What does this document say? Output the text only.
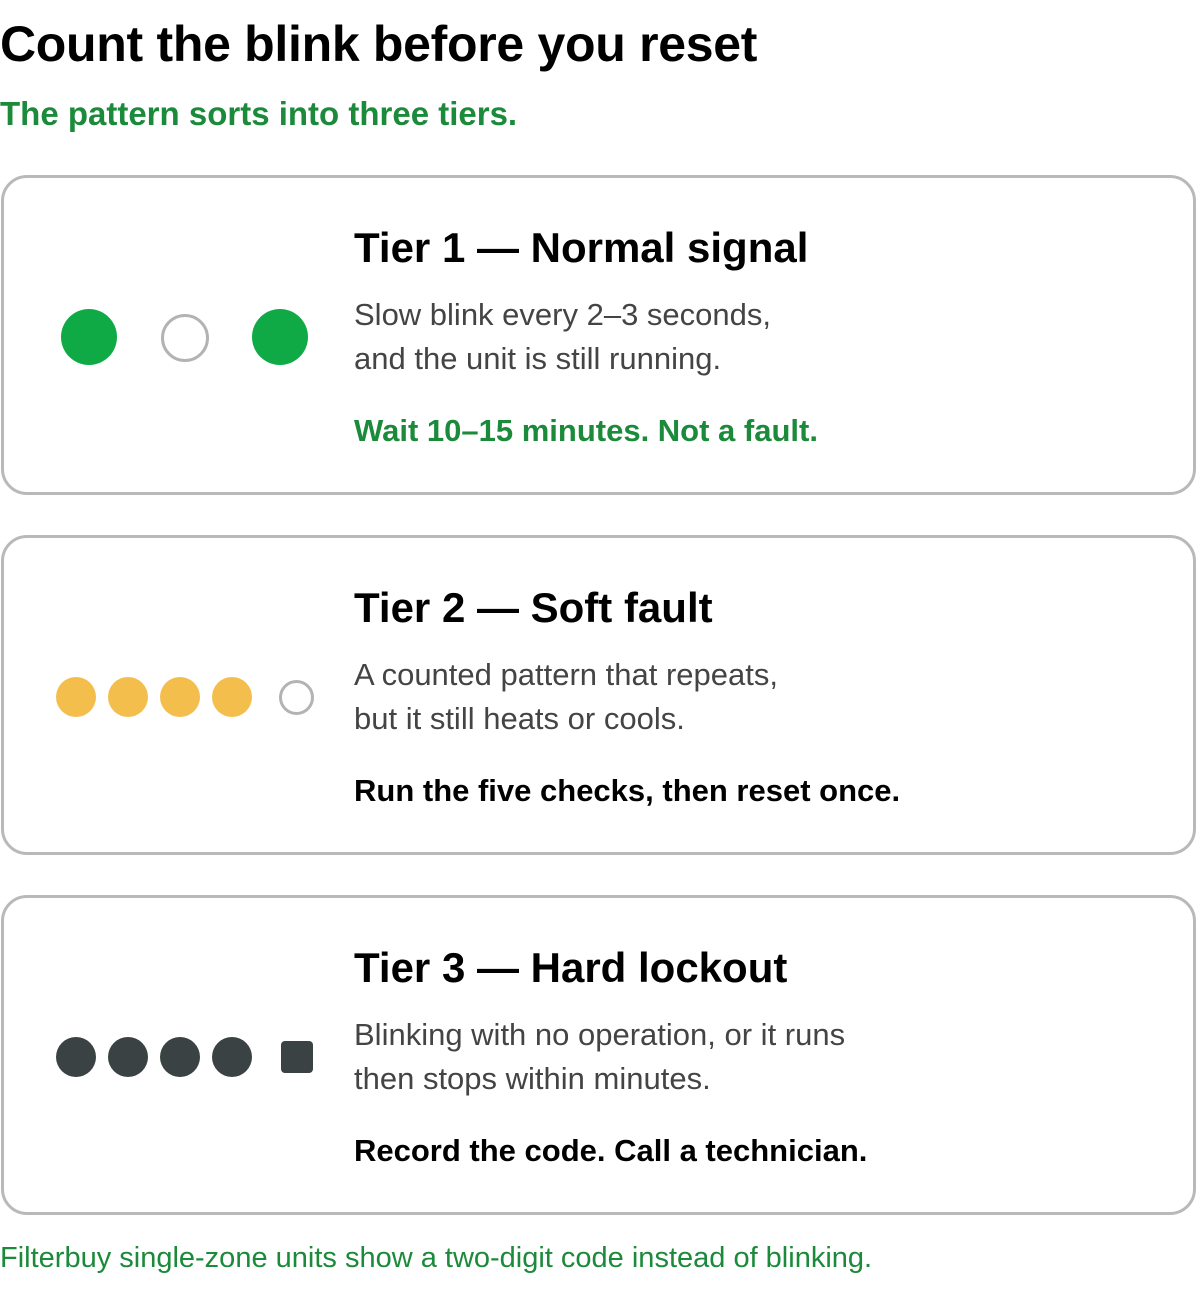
Count the blink before you reset

The pattern sorts into three tiers.

Tier 1 — Normal signal

Slow blink every 2–3 seconds,
and the unit is still running.

Wait 10–15 minutes. Not a fault.

Tier 2 — Soft fault

A counted pattern that repeats,
but it still heats or cools.

Run the five checks, then reset once.

Tier 3 — Hard lockout

Blinking with no operation, or it runs
then stops within minutes.

Record the code. Call a technician.

Filterbuy single-zone units show a two-digit code instead of blinking.
